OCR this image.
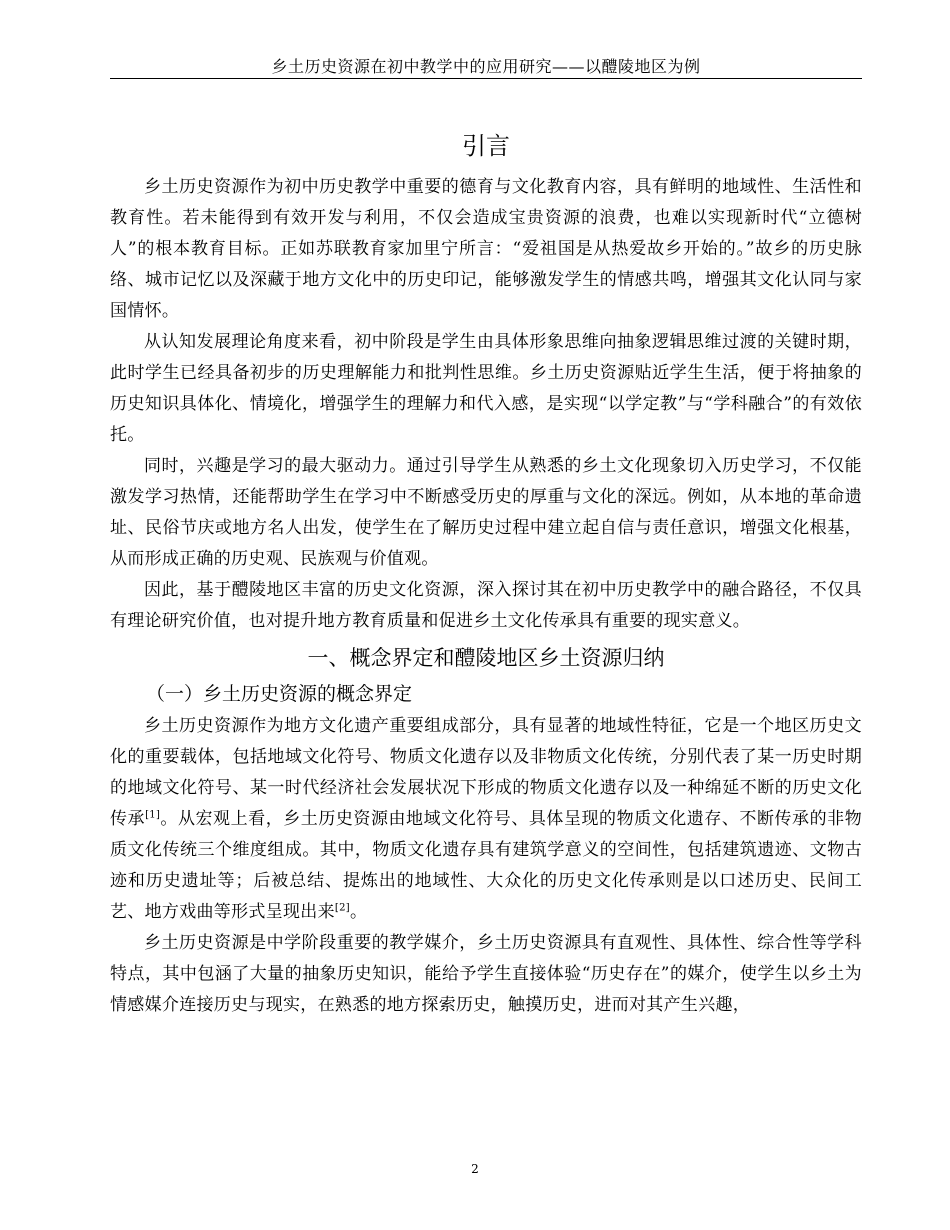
乡土历史资源在初中教学中的应用研究——以醴陵地区为例
引言

乡土历史资源作为初中历史教学中重要的德育与文化教育内容，具有鲜明的地域性、生活性和教育性。若未能得到有效开发与利用，不仅会造成宝贵资源的浪费，也难以实现新时代“立德树人”的根本教育目标。正如苏联教育家加里宁所言：“爱祖国是从热爱故乡开始的。”故乡的历史脉络、城市记忆以及深藏于地方文化中的历史印记，能够激发学生的情感共鸣，增强其文化认同与家国情怀。

从认知发展理论角度来看，初中阶段是学生由具体形象思维向抽象逻辑思维过渡的关键时期，此时学生已经具备初步的历史理解能力和批判性思维。乡土历史资源贴近学生生活，便于将抽象的历史知识具体化、情境化，增强学生的理解力和代入感，是实现“以学定教”与“学科融合”的有效依托。

同时，兴趣是学习的最大驱动力。通过引导学生从熟悉的乡土文化现象切入历史学习，不仅能激发学习热情，还能帮助学生在学习中不断感受历史的厚重与文化的深远。例如，从本地的革命遗址、民俗节庆或地方名人出发，使学生在了解历史过程中建立起自信与责任意识，增强文化根基，从而形成正确的历史观、民族观与价值观。

因此，基于醴陵地区丰富的历史文化资源，深入探讨其在初中历史教学中的融合路径，不仅具有理论研究价值，也对提升地方教育质量和促进乡土文化传承具有重要的现实意义。

一、概念界定和醴陵地区乡土资源归纳
（一）乡土历史资源的概念界定

乡土历史资源作为地方文化遗产重要组成部分，具有显著的地域性特征，它是一个地区历史文化的重要载体，包括地域文化符号、物质文化遗存以及非物质文化传统，分别代表了某一历史时期的地域文化符号、某一时代经济社会发展状况下形成的物质文化遗存以及一种绵延不断的历史文化传承[1]。从宏观上看，乡土历史资源由地域文化符号、具体呈现的物质文化遗存、不断传承的非物质文化传统三个维度组成。其中，物质文化遗存具有建筑学意义的空间性，包括建筑遗迹、文物古迹和历史遗址等；后被总结、提炼出的地域性、大众化的历史文化传承则是以口述历史、民间工艺、地方戏曲等形式呈现出来[2]。

乡土历史资源是中学阶段重要的教学媒介，乡土历史资源具有直观性、具体性、综合性等学科特点，其中包涵了大量的抽象历史知识，能给予学生直接体验“历史存在”的媒介，使学生以乡土为情感媒介连接历史与现实，在熟悉的地方探索历史，触摸历史，进而对其产生兴趣，

2
